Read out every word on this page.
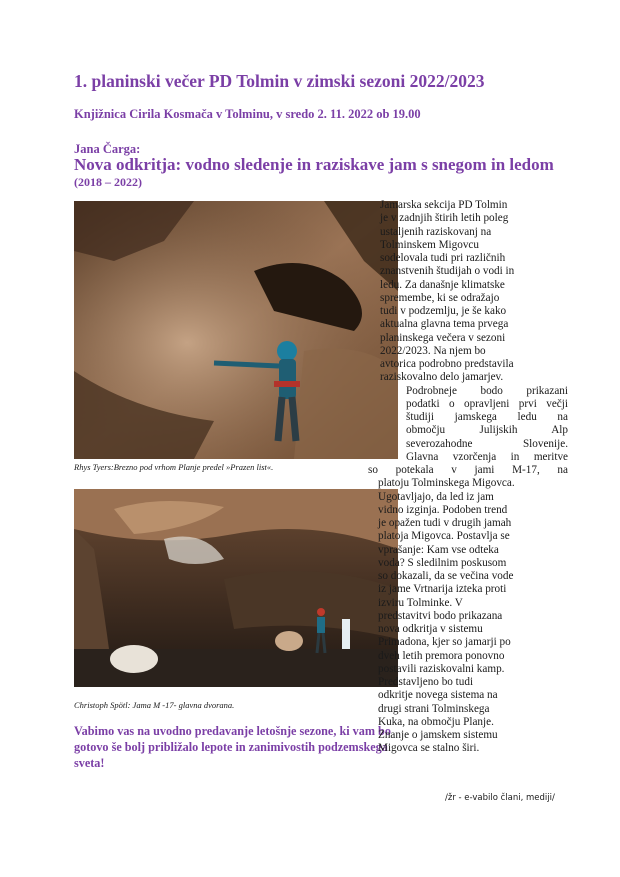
1. planinski večer PD Tolmin v zimski sezoni 2022/2023
Knjižnica Cirila Kosmača v Tolminu, v sredo 2. 11. 2022 ob 19.00
Jana Čarga:
Nova odkritja: vodno sledenje in raziskave jam s snegom in ledom
(2018 – 2022)
Rhys Tyers:Brezno pod vrhom Planje predel »Prazen list«.
Christoph Spötl: Jama M -17- glavna dvorana.
Vabimo vas na uvodno predavanje letošnje sezone, ki vam bo gotovo še bolj približalo lepote in zanimivostih podzemskega sveta!
Jamarska sekcija PD Tolmin
je v zadnjih štirih letih poleg
ustaljenih raziskovanj na
Tolminskem Migovcu
sodelovala tudi pri različnih
znanstvenih študijah o vodi in
ledu. Za današnje klimatske
spremembe, ki se odražajo
tudi v podzemlju, je še kako
aktualna glavna tema prvega
planinskega večera v sezoni
2022/2023. Na njem bo
avtorica podrobno predstavila
raziskovalno delo jamarjev.
Podrobneje bodo prikazani
podatki o opravljeni prvi večji
študiji jamskega ledu na
območju Julijskih Alp
severozahodne Slovenije.
Glavna vzorčenja in meritve
so potekala v jami M-17, na
platoju Tolminskega Migovca.
Ugotavljajo, da led iz jam
vidno izginja. Podoben trend
je opažen tudi v drugih jamah
platoja Migovca. Postavlja se
vprašanje: Kam vse odteka
voda? S sledilnim poskusom
so dokazali, da se večina vode
iz jame Vrtnarija izteka proti
izviru Tolminke. V
predstavitvi bodo prikazana
nova odkritja v sistemu
Primadona, kjer so jamarji po
dveh letih premora ponovno
postavili raziskovalni kamp.
Predstavljeno bo tudi
odkritje novega sistema na
drugi strani Tolminskega
Kuka, na območju Planje.
Znanje o jamskem sistemu
Migovca se stalno širi.
/žr - e-vabilo člani, mediji/
